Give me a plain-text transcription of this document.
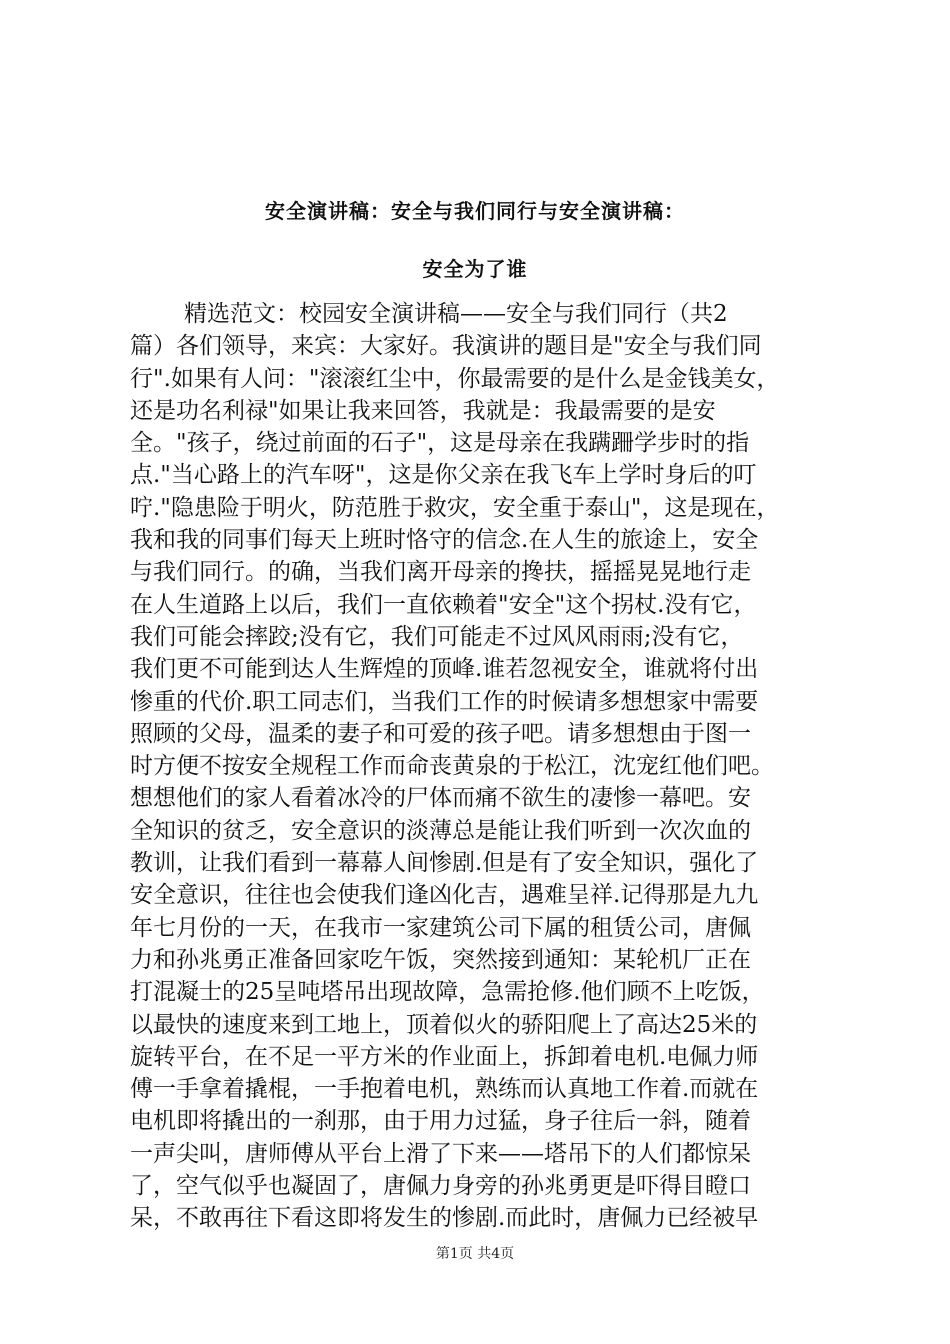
安全演讲稿：安全与我们同行与安全演讲稿：
安全为了谁
精选范文：校园安全演讲稿——安全与我们同行（共2
篇）各们领导，来宾：大家好。我演讲的题目是"安全与我们同
行".如果有人问："滚滚红尘中，你最需要的是什么是金钱美女，
还是功名利禄"如果让我来回答，我就是：我最需要的是安
全。"孩子，绕过前面的石子"，这是母亲在我蹒跚学步时的指
点."当心路上的汽车呀"，这是你父亲在我飞车上学时身后的叮
咛."隐患险于明火，防范胜于救灾，安全重于泰山"，这是现在，
我和我的同事们每天上班时恪守的信念.在人生的旅途上，安全
与我们同行。的确，当我们离开母亲的搀扶，摇摇晃晃地行走
在人生道路上以后，我们一直依赖着"安全"这个拐杖.没有它，
我们可能会摔跤;没有它，我们可能走不过风风雨雨;没有它，
我们更不可能到达人生辉煌的顶峰.谁若忽视安全，谁就将付出
惨重的代价.职工同志们，当我们工作的时候请多想想家中需要
照顾的父母，温柔的妻子和可爱的孩子吧。请多想想由于图一
时方便不按安全规程工作而命丧黄泉的于松江，沈宠红他们吧。
想想他们的家人看着冰冷的尸体而痛不欲生的凄惨一幕吧。安
全知识的贫乏，安全意识的淡薄总是能让我们听到一次次血的
教训，让我们看到一幕幕人间惨剧.但是有了安全知识，强化了
安全意识，往往也会使我们逢凶化吉，遇难呈祥.记得那是九九
年七月份的一天，在我市一家建筑公司下属的租赁公司，唐佩
力和孙兆勇正准备回家吃午饭，突然接到通知：某轮机厂正在
打混凝士的25呈吨塔吊出现故障，急需抢修.他们顾不上吃饭，
以最快的速度来到工地上，顶着似火的骄阳爬上了高达25米的
旋转平台，在不足一平方米的作业面上，拆卸着电机.电佩力师
傅一手拿着撬棍，一手抱着电机，熟练而认真地工作着.而就在
电机即将撬出的一刹那，由于用力过猛，身子往后一斜，随着
一声尖叫，唐师傅从平台上滑了下来——塔吊下的人们都惊呆
了，空气似乎也凝固了，唐佩力身旁的孙兆勇更是吓得目瞪口
呆，不敢再往下看这即将发生的惨剧.而此时，唐佩力已经被早
第1页 共4页
